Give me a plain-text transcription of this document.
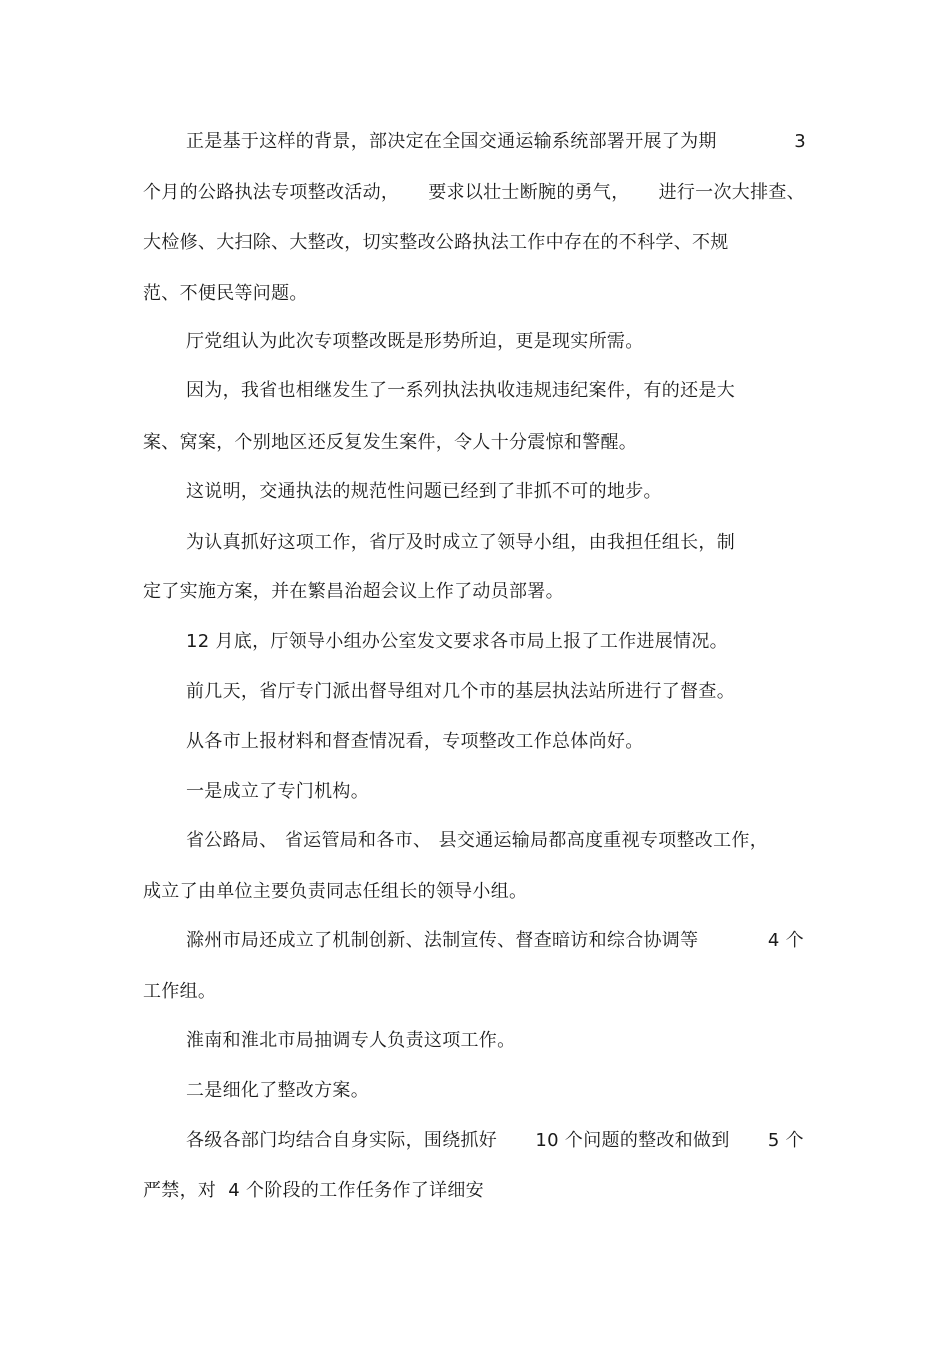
正是基于这样的背景，部决定在全国交通运输系统部署开展了为期	3
个月的公路执法专项整改活动， 要求以壮士断腕的勇气， 进行一次大排查、
大检修、大扫除、大整改，切实整改公路执法工作中存在的不科学、不规
范、不便民等问题。
厅党组认为此次专项整改既是形势所迫，更是现实所需。
因为，我省也相继发生了一系列执法执收违规违纪案件，有的还是大
案、窝案，个别地区还反复发生案件，令人十分震惊和警醒。
这说明，交通执法的规范性问题已经到了非抓不可的地步。
为认真抓好这项工作，省厅及时成立了领导小组，由我担任组长，制
定了实施方案，并在繁昌治超会议上作了动员部署。
12 月底，厅领导小组办公室发文要求各市局上报了工作进展情况。
前几天，省厅专门派出督导组对几个市的基层执法站所进行了督查。
从各市上报材料和督查情况看，专项整改工作总体尚好。
一是成立了专门机构。
省公路局、 省运管局和各市、 县交通运输局都高度重视专项整改工作，
成立了由单位主要负责同志任组长的领导小组。
滁州市局还成立了机制创新、法制宣传、督查暗访和综合协调等	4 个
工作组。
淮南和淮北市局抽调专人负责这项工作。
二是细化了整改方案。
各级各部门均结合自身实际，围绕抓好 10 个问题的整改和做到 5 个
严禁，对  4 个阶段的工作任务作了详细安
